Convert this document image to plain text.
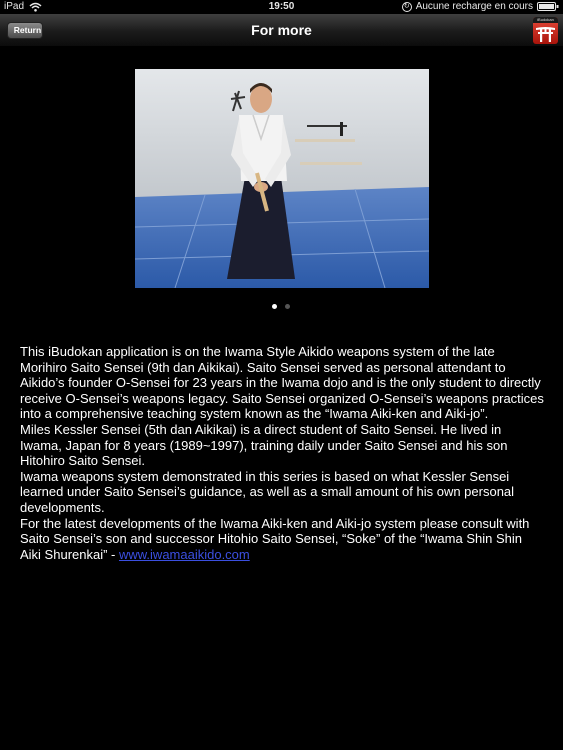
iPad	19:50	↻ Aucune recharge en cours
Return	For more
iBudokan
This iBudokan application is on the Iwama Style Aikido weapons system of the late Morihiro Saito Sensei (9th dan Aikikai). Saito Sensei served as personal attendant to Aikido’s founder O-Sensei for 23 years in the Iwama dojo and is the only student to directly receive O-Sensei’s weapons legacy. Saito Sensei organized O-Sensei’s weapons practices into a comprehensive teaching system known as the “Iwama Aiki-ken and Aiki-jo”.
Miles Kessler Sensei (5th dan Aikikai) is a direct student of Saito Sensei. He lived in Iwama, Japan for 8 years (1989~1997), training daily under Saito Sensei and his son Hitohiro Saito Sensei.
Iwama weapons system demonstrated in this series is based on what Kessler Sensei learned under Saito Sensei’s guidance, as well as a small amount of his own personal developments.
For the latest developments of the Iwama Aiki-ken and Aiki-jo system please consult with Saito Sensei’s son and successor Hitohio Saito Sensei, “Soke” of the “Iwama Shin Shin Aiki Shurenkai” - www.iwamaaikido.com
